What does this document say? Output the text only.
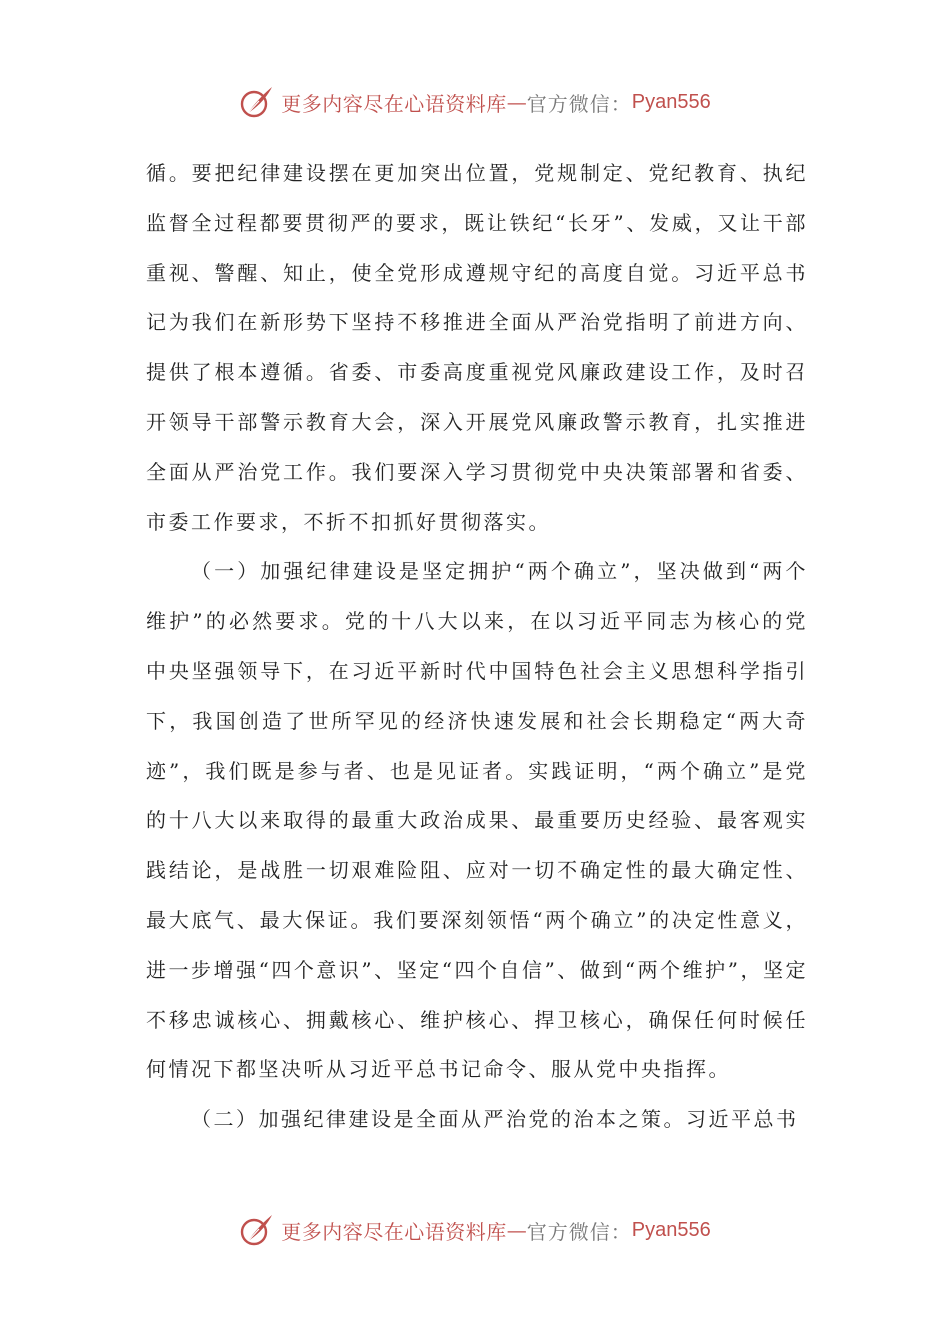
更多内容尽在心语资料库 — 官方微信： Pyan556

循。要把纪律建设摆在更加突出位置，党规制定、党纪教育、执纪监督全过程都要贯彻严的要求，既让铁纪“长牙”、发威，又让干部重视、警醒、知止，使全党形成遵规守纪的高度自觉。习近平总书记为我们在新形势下坚持不移推进全面从严治党指明了前进方向、提供了根本遵循。省委、市委高度重视党风廉政建设工作，及时召开领导干部警示教育大会，深入开展党风廉政警示教育，扎实推进全面从严治党工作。我们要深入学习贯彻党中央决策部署和省委、市委工作要求，不折不扣抓好贯彻落实。

（一）加强纪律建设是坚定拥护“两个确立”，坚决做到“两个维护”的必然要求。党的十八大以来，在以习近平同志为核心的党中央坚强领导下，在习近平新时代中国特色社会主义思想科学指引下，我国创造了世所罕见的经济快速发展和社会长期稳定“两大奇迹”，我们既是参与者、也是见证者。实践证明，“两个确立”是党的十八大以来取得的最重大政治成果、最重要历史经验、最客观实践结论，是战胜一切艰难险阻、应对一切不确定性的最大确定性、最大底气、最大保证。我们要深刻领悟“两个确立”的决定性意义，进一步增强“四个意识”、坚定“四个自信”、做到“两个维护”，坚定不移忠诚核心、拥戴核心、维护核心、捍卫核心，确保任何时候任何情况下都坚决听从习近平总书记命令、服从党中央指挥。

（二）加强纪律建设是全面从严治党的治本之策。习近平总书

更多内容尽在心语资料库 — 官方微信： Pyan556
